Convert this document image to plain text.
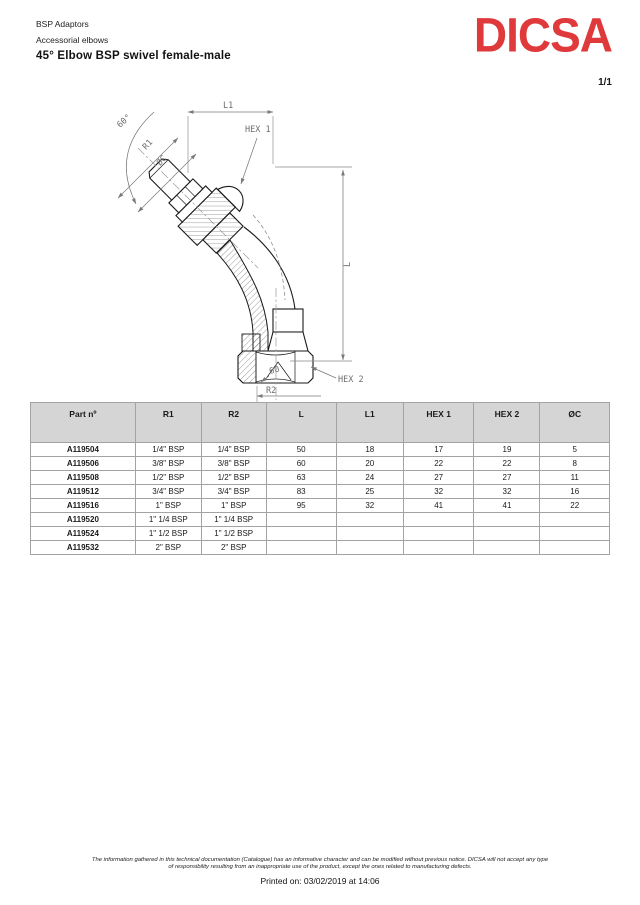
BSP Adaptors
Accessorial elbows
45° Elbow BSP swivel female-male	DICSA
1/1
L1
L
R2
60°
R1
ØC
HEX 1
HEX 2
60
Part nº	R1	R2	L	L1	HEX 1	HEX 2	ØC
A119504	1/4" BSP	1/4" BSP	50	18	17	19	5
A119506	3/8" BSP	3/8" BSP	60	20	22	22	8
A119508	1/2" BSP	1/2" BSP	63	24	27	27	11
A119512	3/4" BSP	3/4" BSP	83	25	32	32	16
A119516	1" BSP	1" BSP	95	32	41	41	22
A119520	1" 1/4 BSP	1" 1/4 BSP					
A119524	1" 1/2 BSP	1" 1/2 BSP					
A119532	2" BSP	2" BSP					
The information gathered in this technical documentation (Catalogue) has an informative character and can be modified without previous notice. DICSA will not accept any type
of responsibility resulting from an inappropriate use of the product, except the ones related to manufacturing defects.
Printed on: 03/02/2019 at 14:06
